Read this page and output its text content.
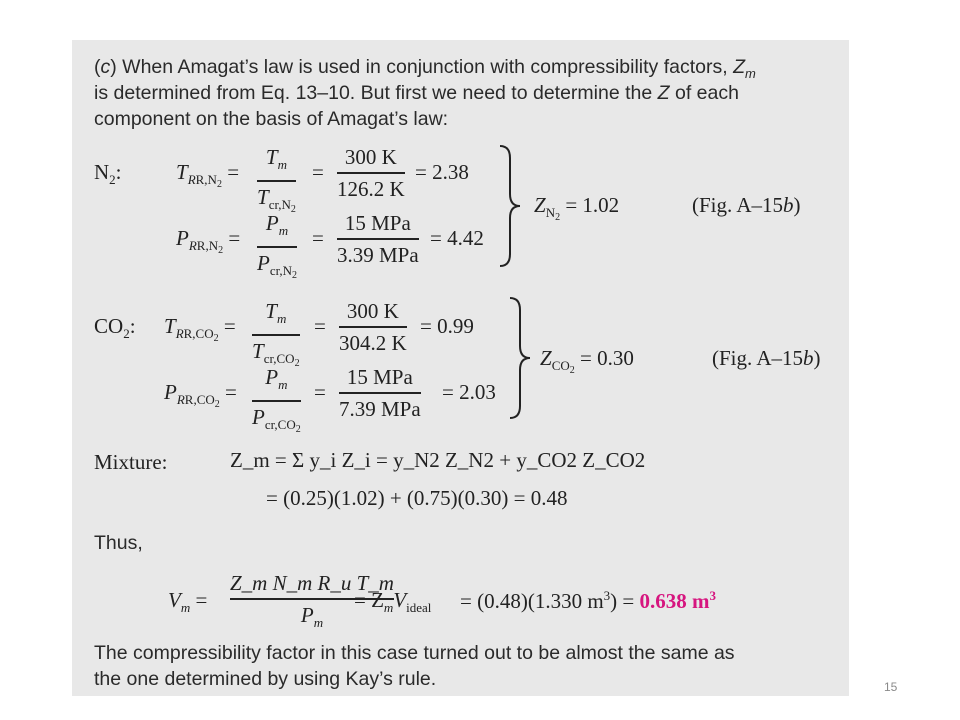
(c) When Amagat’s law is used in conjunction with compressibility factors, $Z_m$
is determined from Eq. 13–10. But first we need to determine the Z of each
component on the basis of Amagat’s law:
$N_2$:	$T_{RR,N_2}$ =
$T_m$
$T_{cr,N_2}$
=
300 K
126.2 K
= 2.38
$P_{RR,N_2}$ =
$P_m$
$P_{cr,N_2}$
=
15 MPa
3.39 MPa
= 4.42
$Z_{N_2} = 1.02$	(Fig. A–15b)
$CO_2$: $T_{RR,CO_2}$ =
$T_m$
$T_{cr,CO_2}$
=
300 K
304.2 K
= 0.99
$P_{RR,CO_2}$ =
$P_m$
$P_{cr,CO_2}$
=
15 MPa
7.39 MPa
= 2.03
$Z_{CO_2} = 0.30$	(Fig. A–15b)
Mixture:	Z_m = Σ y_i Z_i = y_N2 Z_N2 + y_CO2 Z_CO2
= (0.25)(1.02) + (0.75)(0.30) = 0.48
Thus,
$V_m$ =
Z_m N_m R_u T_m
$P_m$
= $Z_mV_{ideal} = (0.48)(1.330$ $m^3) = 0.638$ $m^3$
The compressibility factor in this case turned out to be almost the same as
the one determined by using Kay’s rule.	15
